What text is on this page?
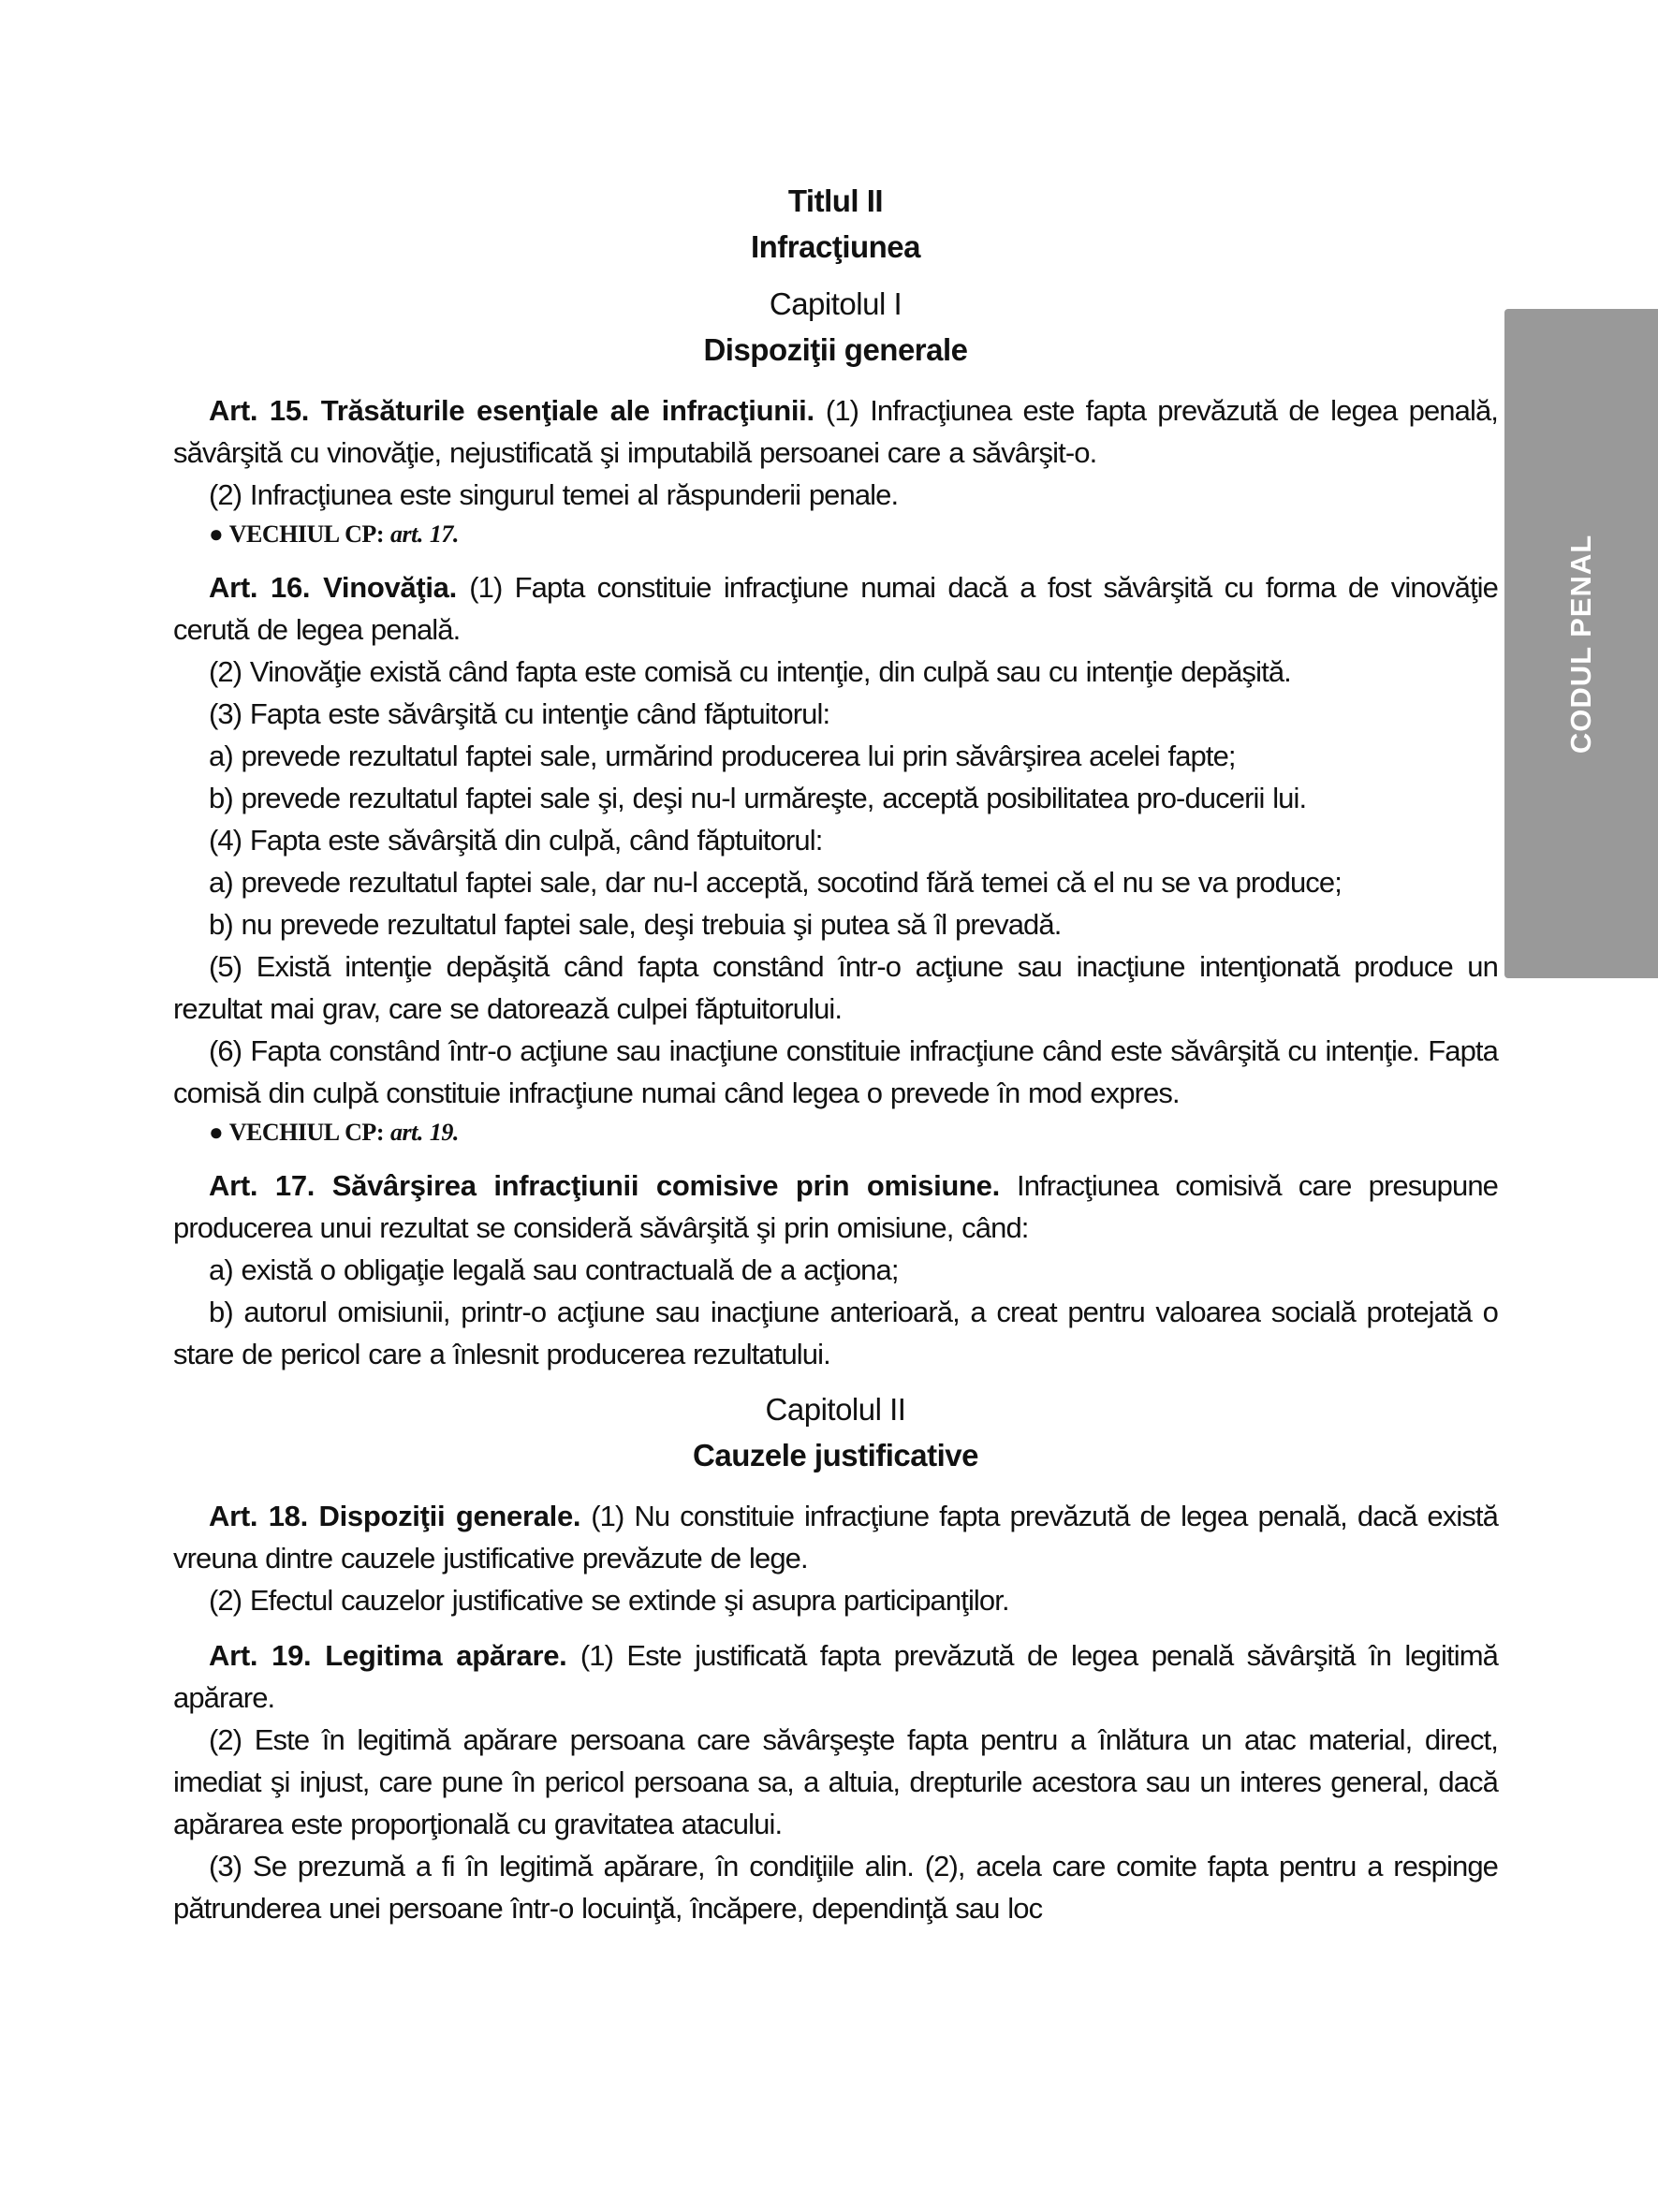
CODUL PENAL
Titlul II
Infracţiunea
Capitolul I
Dispoziţii generale

Art. 15. Trăsăturile esenţiale ale infracţiunii. (1) Infracţiunea este fapta prevăzută de legea penală, săvârşită cu vinovăţie, nejustificată şi imputabilă persoanei care a săvârşit-o.

(2) Infracţiunea este singurul temei al răspunderii penale.

● VECHIUL CP: art. 17.

Art. 16. Vinovăţia. (1) Fapta constituie infracţiune numai dacă a fost săvârşită cu forma de vinovăţie cerută de legea penală.

(2) Vinovăţie există când fapta este comisă cu intenţie, din culpă sau cu intenţie depăşită.

(3) Fapta este săvârşită cu intenţie când făptuitorul:

a) prevede rezultatul faptei sale, urmărind producerea lui prin săvârşirea acelei fapte;

b) prevede rezultatul faptei sale şi, deşi nu-l urmăreşte, acceptă posibilitatea pro-ducerii lui.

(4) Fapta este săvârşită din culpă, când făptuitorul:

a) prevede rezultatul faptei sale, dar nu-l acceptă, socotind fără temei că el nu se va produce;

b) nu prevede rezultatul faptei sale, deşi trebuia şi putea să îl prevadă.

(5) Există intenţie depăşită când fapta constând într-o acţiune sau inacţiune intenţionată produce un rezultat mai grav, care se datorează culpei făptuitorului.

(6) Fapta constând într-o acţiune sau inacţiune constituie infracţiune când este săvârşită cu intenţie. Fapta comisă din culpă constituie infracţiune numai când legea o prevede în mod expres.

● VECHIUL CP: art. 19.

Art. 17. Săvârşirea infracţiunii comisive prin omisiune. Infracţiunea comisivă care presupune producerea unui rezultat se consideră săvârşită şi prin omisiune, când:

a) există o obligaţie legală sau contractuală de a acţiona;

b) autorul omisiunii, printr-o acţiune sau inacţiune anterioară, a creat pentru valoarea socială protejată o stare de pericol care a înlesnit producerea rezultatului.

Capitolul II
Cauzele justificative

Art. 18. Dispoziţii generale. (1) Nu constituie infracţiune fapta prevăzută de legea penală, dacă există vreuna dintre cauzele justificative prevăzute de lege.

(2) Efectul cauzelor justificative se extinde şi asupra participanţilor.

Art. 19. Legitima apărare. (1) Este justificată fapta prevăzută de legea penală săvârşită în legitimă apărare.

(2) Este în legitimă apărare persoana care săvârşeşte fapta pentru a înlătura un atac material, direct, imediat şi injust, care pune în pericol persoana sa, a altuia, drepturile acestora sau un interes general, dacă apărarea este proporţională cu gravitatea atacului.

(3) Se prezumă a fi în legitimă apărare, în condiţiile alin. (2), acela care comite fapta pentru a respinge pătrunderea unei persoane într-o locuinţă, încăpere, dependinţă sau loc
